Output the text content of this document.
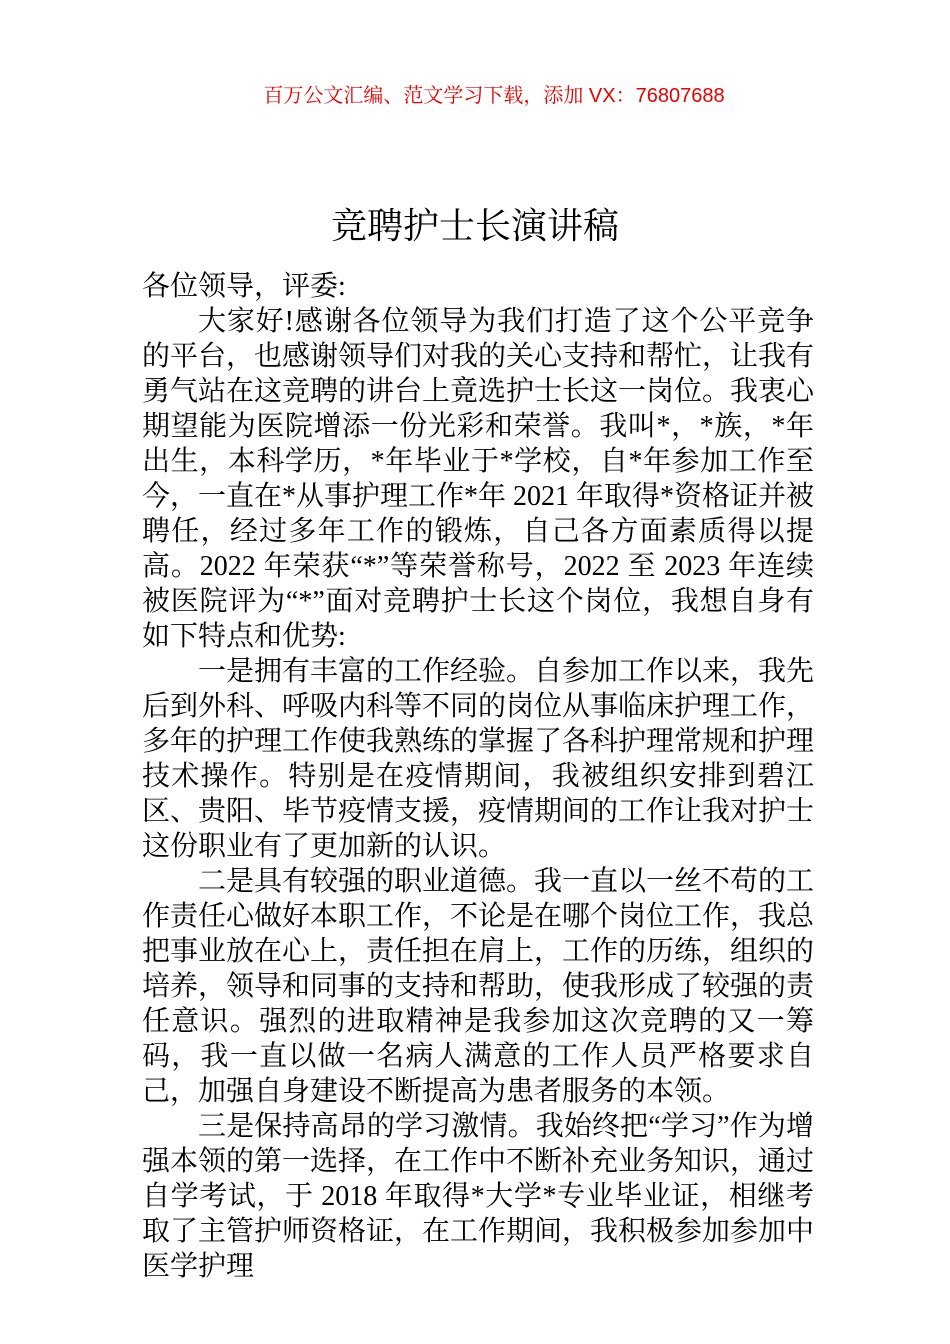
百万公文汇编、范文学习下载，添加 VX：76807688
竞聘护士长演讲稿

各位领导，评委:

大家好!感谢各位领导为我们打造了这个公平竞争的平台，也感谢领导们对我的关心支持和帮忙，让我有勇气站在这竞聘的讲台上竟选护士长这一岗位。我衷心期望能为医院增添一份光彩和荣誉。我叫*，*族，*年出生，本科学历，*年毕业于*学校，自*年参加工作至今，一直在*从事护理工作*年 2021 年取得*资格证并被聘任，经过多年工作的锻炼，自己各方面素质得以提高。2022 年荣获“*”等荣誉称号，2022 至 2023 年连续被医院评为“*”面对竞聘护士长这个岗位，我想自身有如下特点和优势:

一是拥有丰富的工作经验。自参加工作以来，我先后到外科、呼吸内科等不同的岗位从事临床护理工作，多年的护理工作使我熟练的掌握了各科护理常规和护理技术操作。特别是在疫情期间，我被组织安排到碧江区、贵阳、毕节疫情支援，疫情期间的工作让我对护士这份职业有了更加新的认识。

二是具有较强的职业道德。我一直以一丝不苟的工作责任心做好本职工作，不论是在哪个岗位工作，我总把事业放在心上，责任担在肩上，工作的历练，组织的培养，领导和同事的支持和帮助，使我形成了较强的责任意识。强烈的进取精神是我参加这次竞聘的又一筹码，我一直以做一名病人满意的工作人员严格要求自己，加强自身建设不断提高为患者服务的本领。

三是保持高昂的学习激情。我始终把“学习”作为增强本领的第一选择，在工作中不断补充业务知识，通过自学考试，于 2018 年取得*大学*专业毕业证，相继考取了主管护师资格证，在工作期间，我积极参加参加中医学护理
